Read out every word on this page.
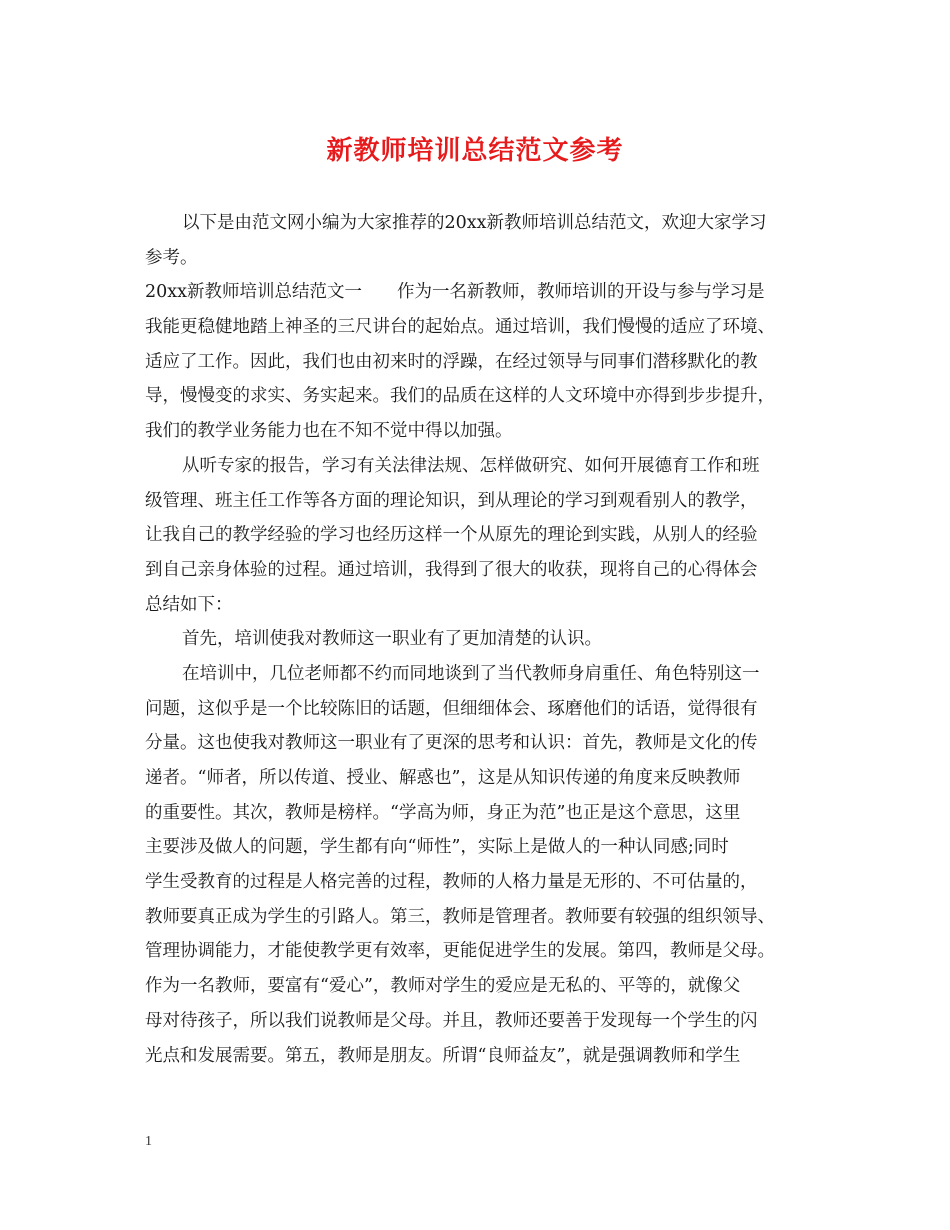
新教师培训总结范文参考
以下是由范文网小编为大家推荐的20xx新教师培训总结范文，欢迎大家学习
参考。
20xx新教师培训总结范文一　　作为一名新教师，教师培训的开设与参与学习是
我能更稳健地踏上神圣的三尺讲台的起始点。通过培训，我们慢慢的适应了环境、
适应了工作。因此，我们也由初来时的浮躁，在经过领导与同事们潜移默化的教
导，慢慢变的求实、务实起来。我们的品质在这样的人文环境中亦得到步步提升，
我们的教学业务能力也在不知不觉中得以加强。
从听专家的报告，学习有关法律法规、怎样做研究、如何开展德育工作和班
级管理、班主任工作等各方面的理论知识，到从理论的学习到观看别人的教学，
让我自己的教学经验的学习也经历这样一个从原先的理论到实践，从别人的经验
到自己亲身体验的过程。通过培训，我得到了很大的收获，现将自己的心得体会
总结如下：
首先，培训使我对教师这一职业有了更加清楚的认识。
在培训中，几位老师都不约而同地谈到了当代教师身肩重任、角色特别这一
问题，这似乎是一个比较陈旧的话题，但细细体会、琢磨他们的话语，觉得很有
分量。这也使我对教师这一职业有了更深的思考和认识：首先，教师是文化的传
递者。“师者，所以传道、授业、解惑也”，这是从知识传递的角度来反映教师
的重要性。其次，教师是榜样。“学高为师，身正为范”也正是这个意思，这里
主要涉及做人的问题，学生都有向“师性”，实际上是做人的一种认同感;同时
学生受教育的过程是人格完善的过程，教师的人格力量是无形的、不可估量的，
教师要真正成为学生的引路人。第三，教师是管理者。教师要有较强的组织领导、
管理协调能力，才能使教学更有效率，更能促进学生的发展。第四，教师是父母。
作为一名教师，要富有“爱心”，教师对学生的爱应是无私的、平等的，就像父
母对待孩子，所以我们说教师是父母。并且，教师还要善于发现每一个学生的闪
光点和发展需要。第五，教师是朋友。所谓“良师益友”，就是强调教师和学生
1
